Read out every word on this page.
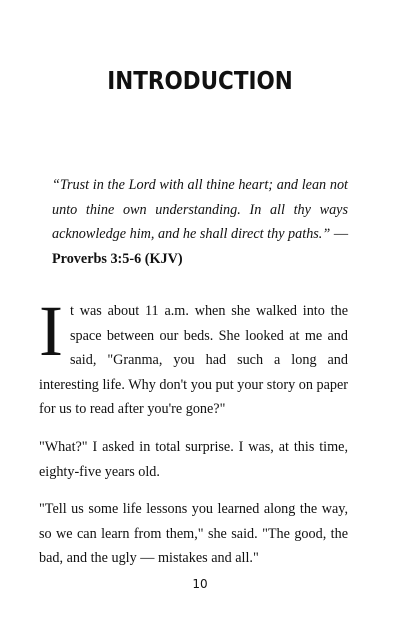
INTRODUCTION

“Trust in the Lord with all thine heart; and lean not unto thine own understanding. In all thy ways acknowledge him, and he shall direct thy paths.” — Proverbs 3:5-6 (KJV)

It was about 11 a.m. when she walked into the space between our beds. She looked at me and said, "Granma, you had such a long and interesting life. Why don't you put your story on paper for us to read after you're gone?"

"What?" I asked in total surprise. I was, at this time, eighty-five years old.

"Tell us some life lessons you learned along the way, so we can learn from them," she said. "The good, the bad, and the ugly — mistakes and all."

10
